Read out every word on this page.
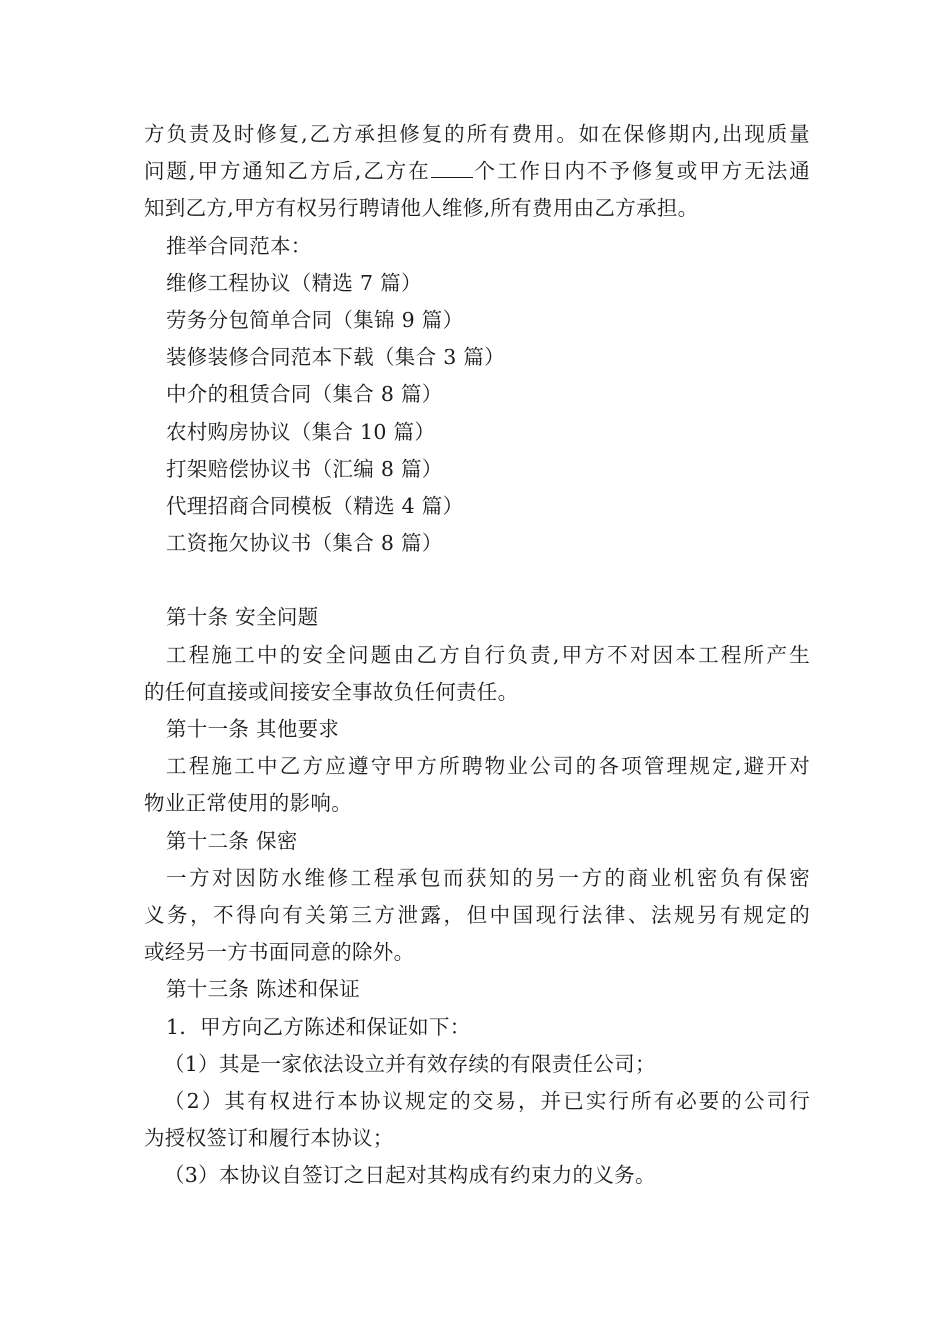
方负责及时修复,乙方承担修复的所有费用。如在保修期内,出现质量
问题,甲方通知乙方后,乙方在 个工作日内不予修复或甲方无法通
知到乙方,甲方有权另行聘请他人维修,所有费用由乙方承担。
推举合同范本：
维修工程协议（精选 7 篇）
劳务分包简单合同（集锦 9 篇）
装修装修合同范本下载（集合 3 篇）
中介的租赁合同（集合 8 篇）
农村购房协议（集合 10 篇）
打架赔偿协议书（汇编 8 篇）
代理招商合同模板（精选 4 篇）
工资拖欠协议书（集合 8 篇）
第十条 安全问题
工程施工中的安全问题由乙方自行负责,甲方不对因本工程所产生
的任何直接或间接安全事故负任何责任。
第十一条 其他要求
工程施工中乙方应遵守甲方所聘物业公司的各项管理规定,避开对
物业正常使用的影响。
第十二条 保密
一方对因防水维修工程承包而获知的另一方的商业机密负有保密
义务，不得向有关第三方泄露，但中国现行法律、法规另有规定的
或经另一方书面同意的除外。
第十三条 陈述和保证
1．甲方向乙方陈述和保证如下：
（1）其是一家依法设立并有效存续的有限责任公司；
（2）其有权进行本协议规定的交易，并已实行所有必要的公司行
为授权签订和履行本协议；
（3）本协议自签订之日起对其构成有约束力的义务。
